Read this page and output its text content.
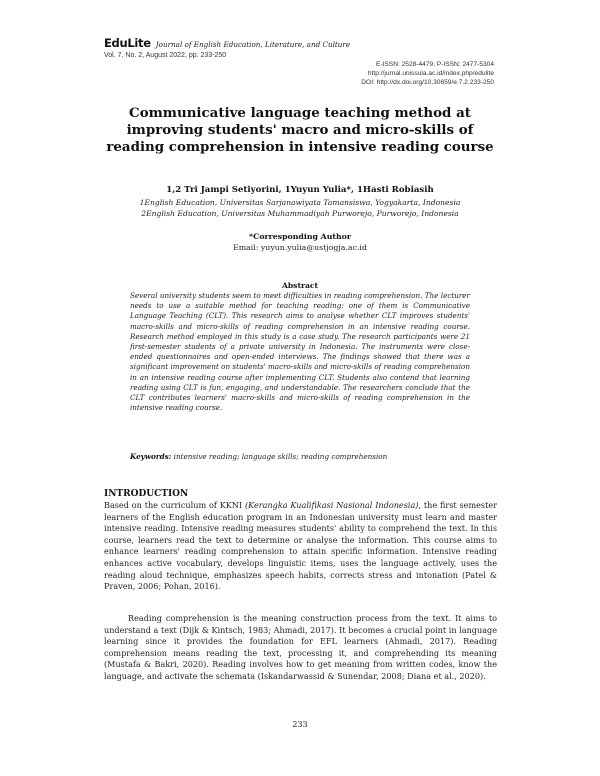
EduLite Journal of English Education, Literature, and Culture
Vol. 7, No. 2, August 2022, pp. 233-250
E-ISSN: 2528-4479, P-ISSN: 2477-5304
http://jurnal.unissula.ac.id/index.php/edulite
DOI: http://dx.doi.org/10.30659/e.7.2.233-250
Communicative language teaching method at improving students' macro and micro-skills of reading comprehension in intensive reading course
1,2 Tri Jampi Setiyorini, 1Yuyun Yulia*, 1Hasti Robiasih
1English Education, Universitas Sarjanawiyata Tamansiswa, Yogyakarta, Indonesia
2English Education, Universitas Muhammadiyah Purworejo, Purworejo, Indonesia
*Corresponding Author
Email: yuyun.yulia@ustjogja.ac.id
Abstract

Several university students seem to meet difficulties in reading comprehension. The lecturer needs to use a suitable method for teaching reading; one of them is Communicative Language Teaching (CLT). This research aims to analyse whether CLT improves students' macro-skills and micro-skills of reading comprehension in an intensive reading course. Research method employed in this study is a case study. The research participants were 21 first-semester students of a private university in Indonesia. The instruments were close-ended questionnaires and open-ended interviews. The findings showed that there was a significant improvement on students' macro-skills and micro-skills of reading comprehension in an intensive reading course after implementing CLT. Students also contend that learning reading using CLT is fun, engaging, and understandable. The researchers conclude that the CLT contributes learners' macro-skills and micro-skills of reading comprehension in the intensive reading course.

Keywords: intensive reading; language skills; reading comprehension
INTRODUCTION

Based on the curriculum of KKNI (Kerangka Kualifikasi Nasional Indonesia), the first semester learners of the English education program in an Indonesian university must learn and master intensive reading. Intensive reading measures students' ability to comprehend the text. In this course, learners read the text to determine or analyse the information. This course aims to enhance learners' reading comprehension to attain specific information. Intensive reading enhances active vocabulary, develops linguistic items, uses the language actively, uses the reading aloud technique, emphasizes speech habits, corrects stress and intonation (Patel & Praven, 2006; Pohan, 2016).

Reading comprehension is the meaning construction process from the text. It aims to understand a text (Dijk & Kintsch, 1983; Ahmadi, 2017). It becomes a crucial point in language learning since it provides the foundation for EFL learners (Ahmadi, 2017). Reading comprehension means reading the text, processing it, and comprehending its meaning (Mustafa & Bakri, 2020). Reading involves how to get meaning from written codes, know the language, and activate the schemata (Iskandarwassid & Sunendar, 2008; Diana et al., 2020).

233
